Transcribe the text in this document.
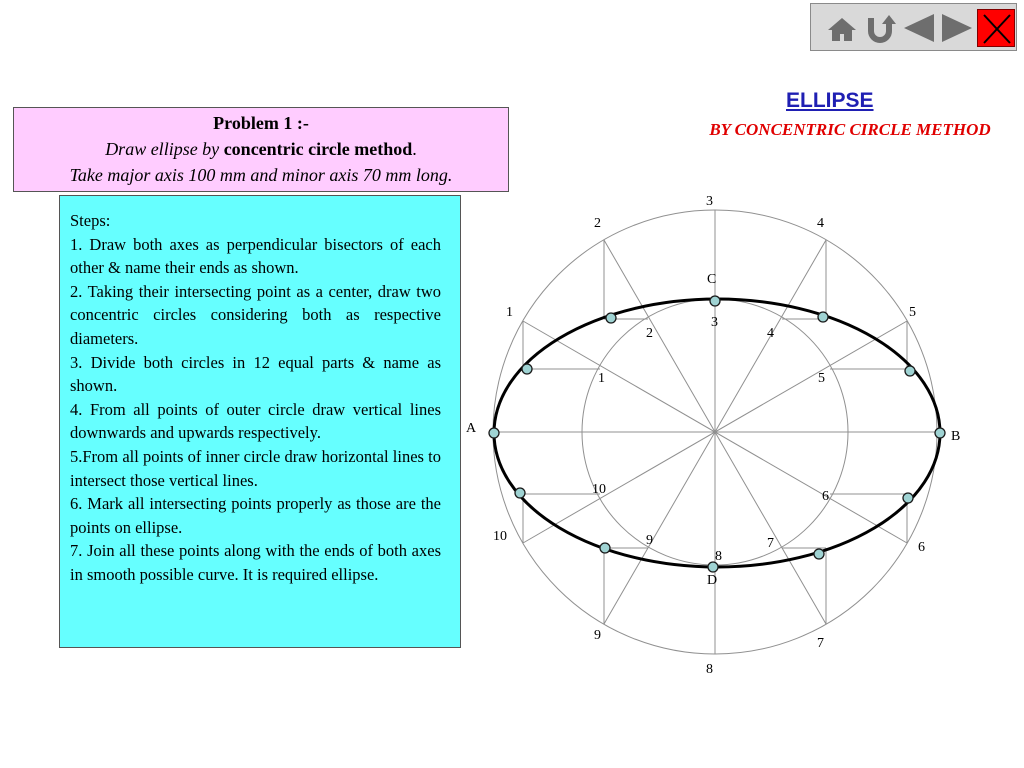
A
B
C
D
1
2
3
4
5
6
7
8
9
10
1
2
3
4
5
6
7
8
9
10
ELLIPSE
BY CONCENTRIC CIRCLE METHOD
Problem 1 :-
Draw ellipse by concentric circle method.
Take major axis 100 mm and minor axis 70 mm long.

Steps:

1. Draw both axes as perpendicular bisectors of each other & name their ends as shown.

2. Taking their intersecting point as a center, draw two concentric circles considering both as respective diameters.

3. Divide both circles in 12 equal parts & name as shown.

4. From all points of outer circle draw vertical lines downwards and upwards respectively.

5.From all points of inner circle draw horizontal lines to intersect those vertical lines.

6. Mark all intersecting points properly as those are the points on ellipse.

7. Join all these points along with the ends of both axes in smooth possible curve. It is required ellipse.
